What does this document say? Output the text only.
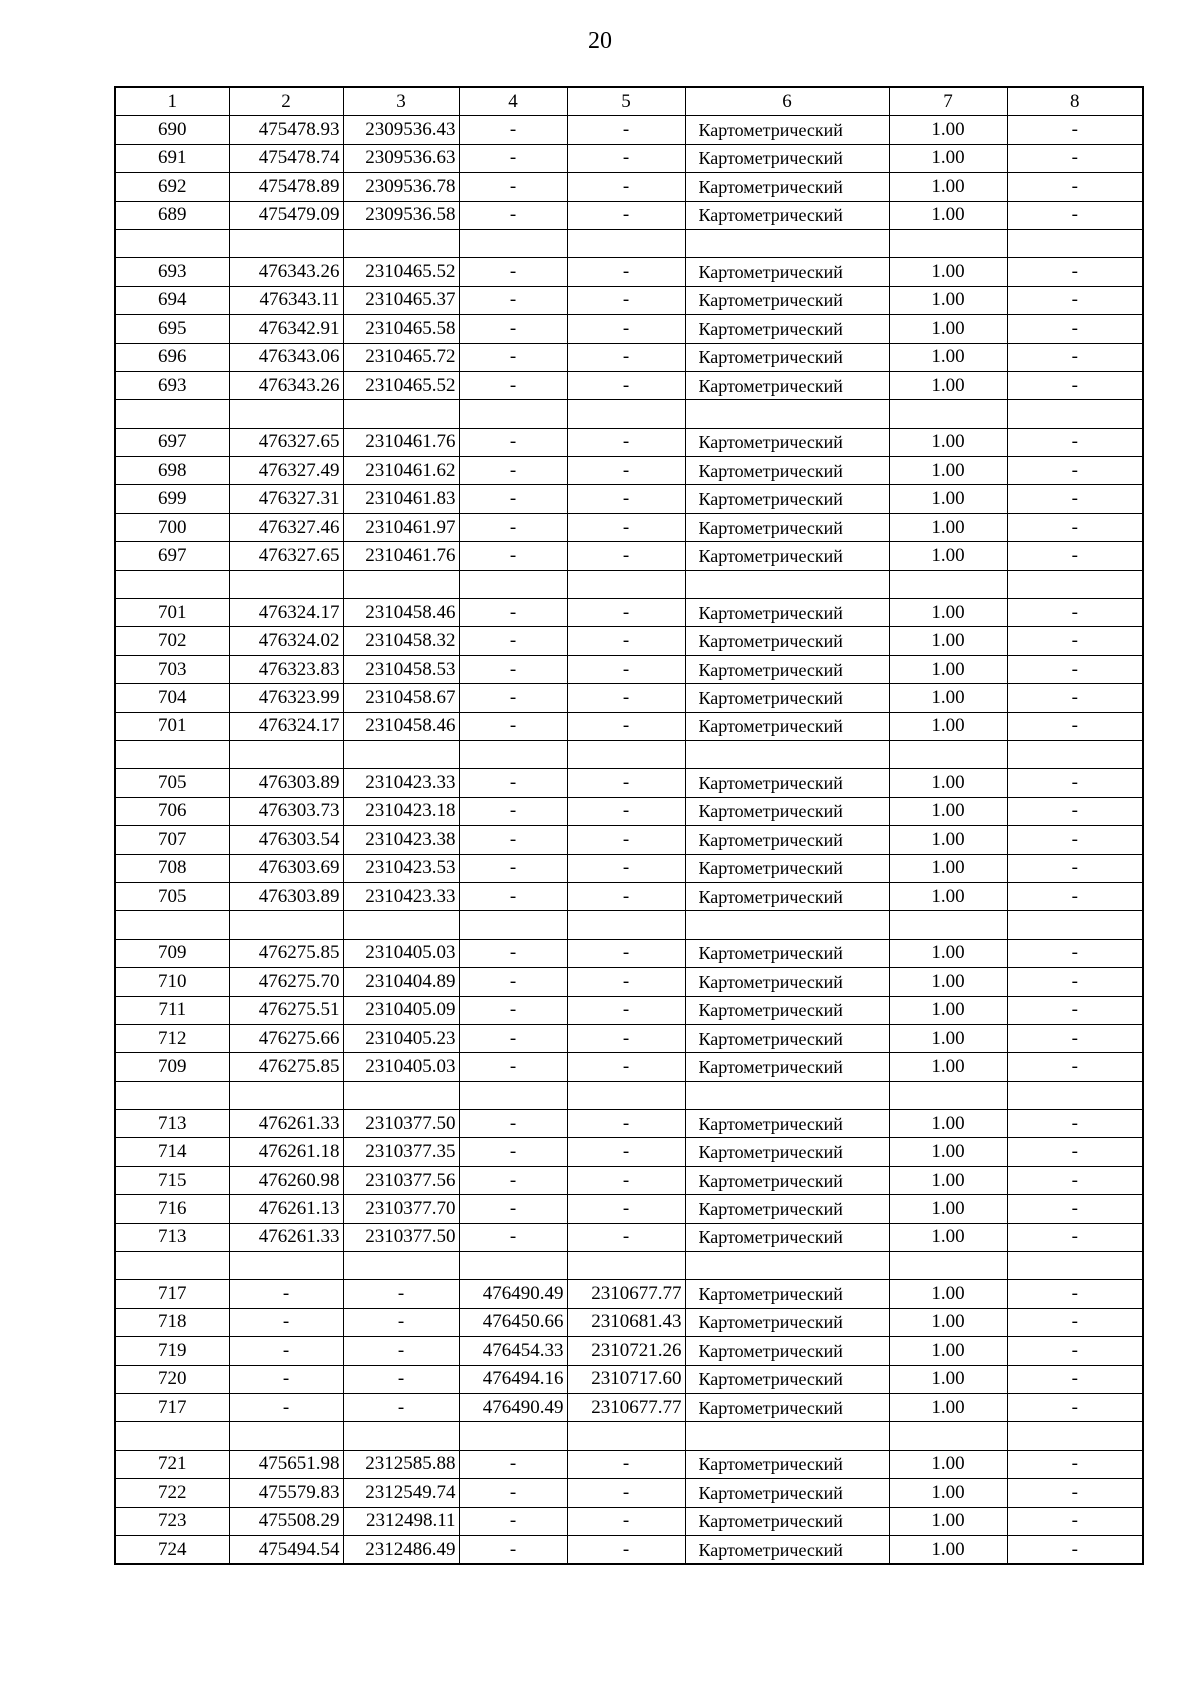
20
1	2	3	4	5	6	7	8
690	475478.93	2309536.43	-	-	Картометрический	1.00	-
691	475478.74	2309536.63	-	-	Картометрический	1.00	-
692	475478.89	2309536.78	-	-	Картометрический	1.00	-
689	475479.09	2309536.58	-	-	Картометрический	1.00	-

693	476343.26	2310465.52	-	-	Картометрический	1.00	-
694	476343.11	2310465.37	-	-	Картометрический	1.00	-
695	476342.91	2310465.58	-	-	Картометрический	1.00	-
696	476343.06	2310465.72	-	-	Картометрический	1.00	-
693	476343.26	2310465.52	-	-	Картометрический	1.00	-

697	476327.65	2310461.76	-	-	Картометрический	1.00	-
698	476327.49	2310461.62	-	-	Картометрический	1.00	-
699	476327.31	2310461.83	-	-	Картометрический	1.00	-
700	476327.46	2310461.97	-	-	Картометрический	1.00	-
697	476327.65	2310461.76	-	-	Картометрический	1.00	-

701	476324.17	2310458.46	-	-	Картометрический	1.00	-
702	476324.02	2310458.32	-	-	Картометрический	1.00	-
703	476323.83	2310458.53	-	-	Картометрический	1.00	-
704	476323.99	2310458.67	-	-	Картометрический	1.00	-
701	476324.17	2310458.46	-	-	Картометрический	1.00	-

705	476303.89	2310423.33	-	-	Картометрический	1.00	-
706	476303.73	2310423.18	-	-	Картометрический	1.00	-
707	476303.54	2310423.38	-	-	Картометрический	1.00	-
708	476303.69	2310423.53	-	-	Картометрический	1.00	-
705	476303.89	2310423.33	-	-	Картометрический	1.00	-

709	476275.85	2310405.03	-	-	Картометрический	1.00	-
710	476275.70	2310404.89	-	-	Картометрический	1.00	-
711	476275.51	2310405.09	-	-	Картометрический	1.00	-
712	476275.66	2310405.23	-	-	Картометрический	1.00	-
709	476275.85	2310405.03	-	-	Картометрический	1.00	-

713	476261.33	2310377.50	-	-	Картометрический	1.00	-
714	476261.18	2310377.35	-	-	Картометрический	1.00	-
715	476260.98	2310377.56	-	-	Картометрический	1.00	-
716	476261.13	2310377.70	-	-	Картометрический	1.00	-
713	476261.33	2310377.50	-	-	Картометрический	1.00	-

717	-	-	476490.49	2310677.77	Картометрический	1.00	-
718	-	-	476450.66	2310681.43	Картометрический	1.00	-
719	-	-	476454.33	2310721.26	Картометрический	1.00	-
720	-	-	476494.16	2310717.60	Картометрический	1.00	-
717	-	-	476490.49	2310677.77	Картометрический	1.00	-

721	475651.98	2312585.88	-	-	Картометрический	1.00	-
722	475579.83	2312549.74	-	-	Картометрический	1.00	-
723	475508.29	2312498.11	-	-	Картометрический	1.00	-
724	475494.54	2312486.49	-	-	Картометрический	1.00	-
